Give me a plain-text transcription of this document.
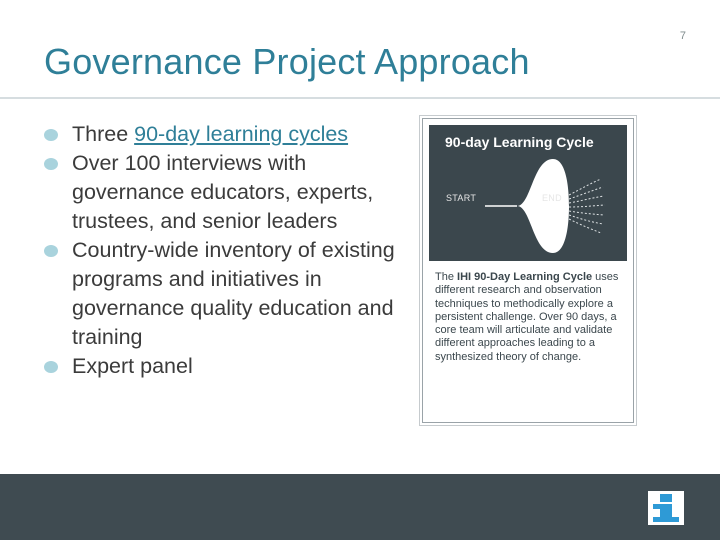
7
Governance Project Approach
Three 90-day learning cycles
Over 100 interviews with governance educators, experts, trustees, and senior leaders
Country-wide inventory of existing programs and initiatives in governance quality education and training
Expert panel
90-day Learning Cycle
START	END

The IHI 90-Day Learning Cycle uses different research and observation techniques to methodically explore a persistent challenge. Over 90 days, a core team will articulate and validate different approaches leading to a synthesized theory of change.
